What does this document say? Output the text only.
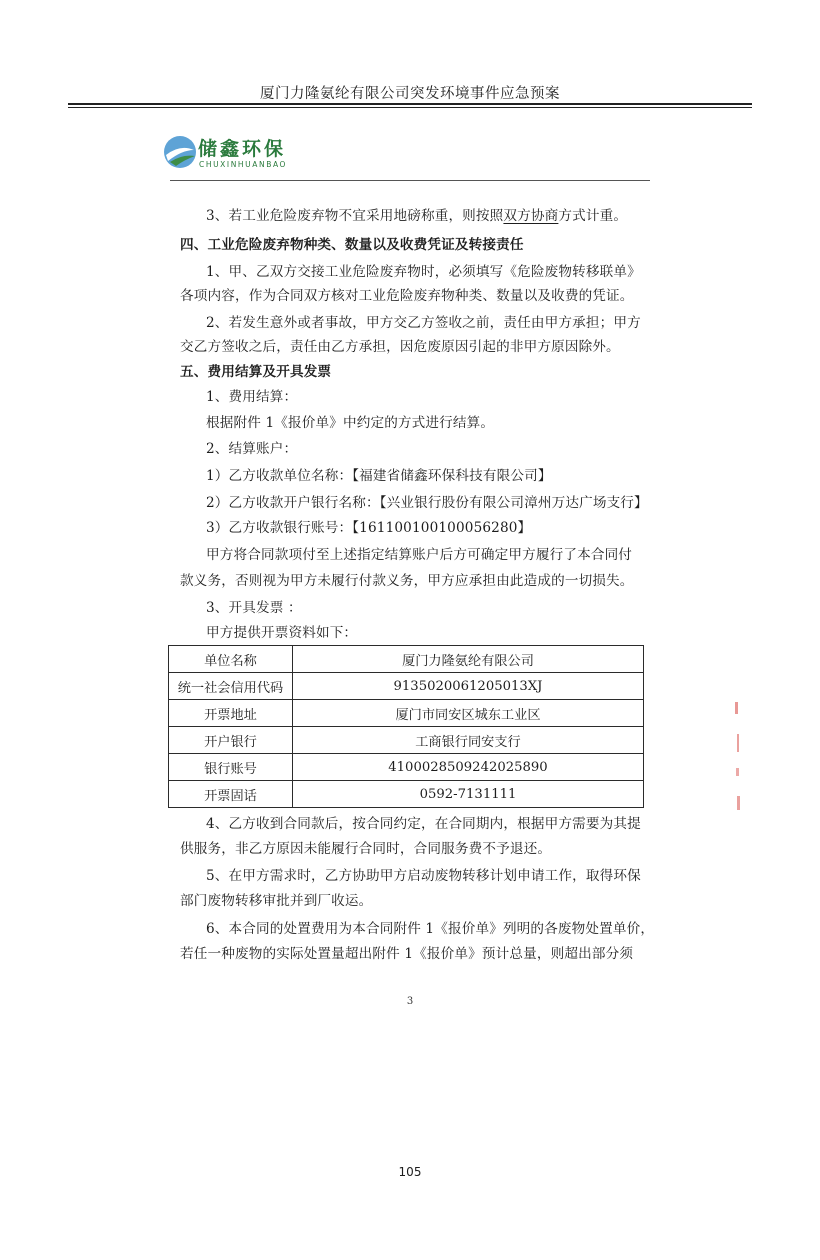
厦门力隆氨纶有限公司突发环境事件应急预案
储鑫环保
CHUXINHUANBAO
3、若工业危险废弃物不宜采用地磅称重，则按照双方协商方式计重。
四、工业危险废弃物种类、数量以及收费凭证及转接责任
1、甲、乙双方交接工业危险废弃物时，必须填写《危险废物转移联单》
各项内容，作为合同双方核对工业危险废弃物种类、数量以及收费的凭证。
2、若发生意外或者事故，甲方交乙方签收之前，责任由甲方承担；甲方
交乙方签收之后，责任由乙方承担，因危废原因引起的非甲方原因除外。
五、费用结算及开具发票
1、费用结算：
根据附件 1《报价单》中约定的方式进行结算。
2、结算账户：
1）乙方收款单位名称：【福建省储鑫环保科技有限公司】
2）乙方收款开户银行名称：【兴业银行股份有限公司漳州万达广场支行】
3）乙方收款银行账号：【161100100100056280】
甲方将合同款项付至上述指定结算账户后方可确定甲方履行了本合同付
款义务，否则视为甲方未履行付款义务，甲方应承担由此造成的一切损失。
3、开具发票 ：
甲方提供开票资料如下：
单位名称	厦门力隆氨纶有限公司
统一社会信用代码	9135020061205013XJ
开票地址	厦门市同安区城东工业区
开户银行	工商银行同安支行
银行账号	4100028509242025890
开票固话	0592-7131111
4、乙方收到合同款后，按合同约定，在合同期内，根据甲方需要为其提
供服务，非乙方原因未能履行合同时，合同服务费不予退还。
5、在甲方需求时，乙方协助甲方启动废物转移计划申请工作，取得环保
部门废物转移审批并到厂收运。
6、本合同的处置费用为本合同附件 1《报价单》列明的各废物处置单价，
若任一种废物的实际处置量超出附件 1《报价单》预计总量，则超出部分须
3
105
